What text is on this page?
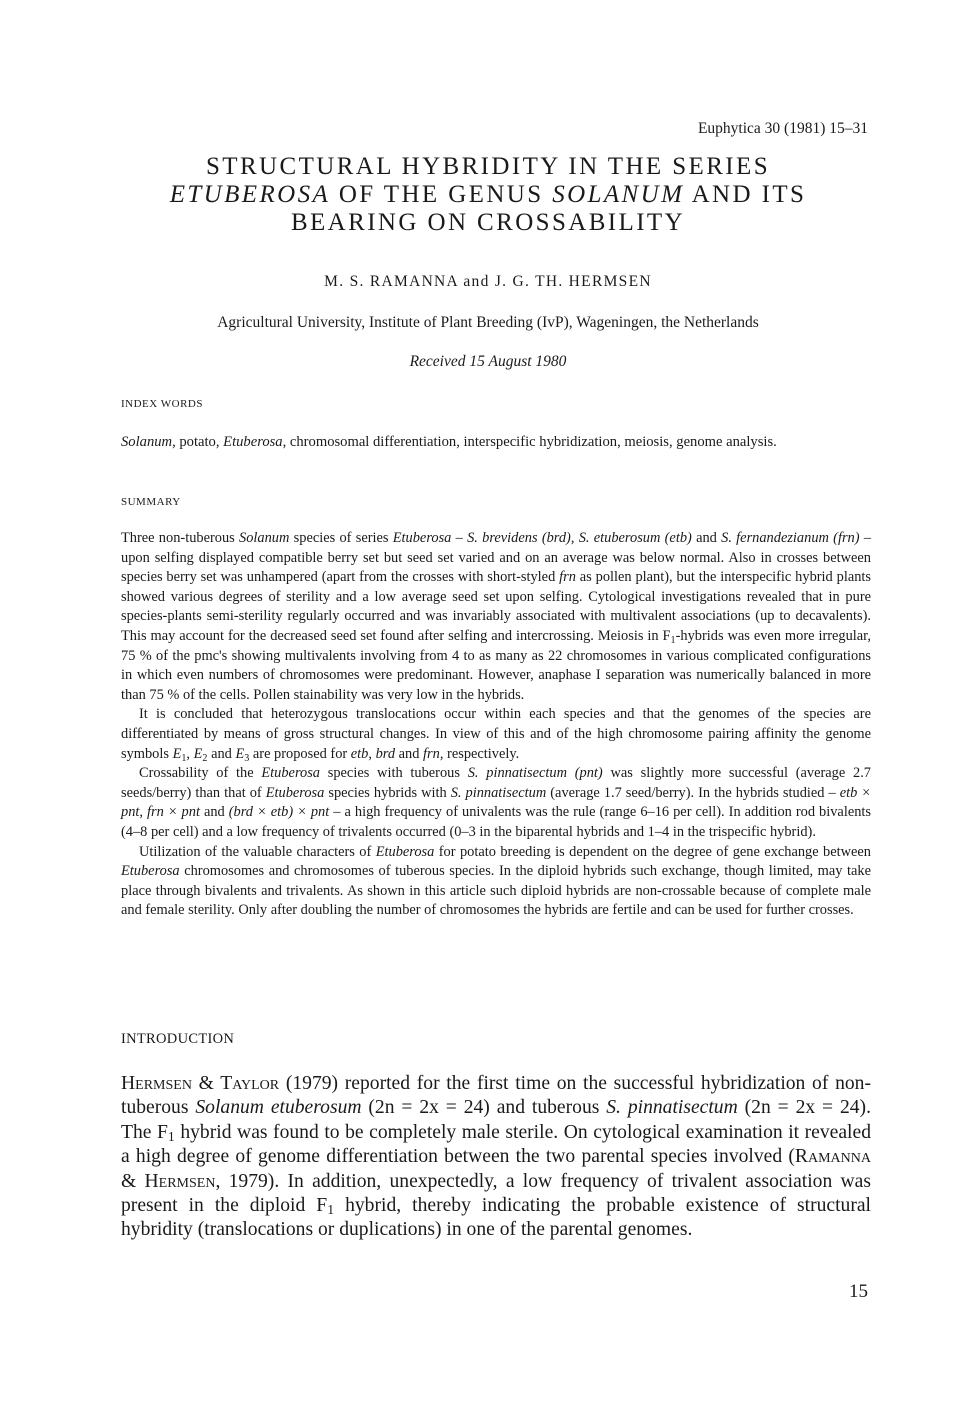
Euphytica 30 (1981) 15–31
STRUCTURAL HYBRIDITY IN THE SERIES
ETUBEROSA OF THE GENUS SOLANUM AND ITS
BEARING ON CROSSABILITY
M. S. RAMANNA and J. G. TH. HERMSEN
Agricultural University, Institute of Plant Breeding (IvP), Wageningen, the Netherlands
Received 15 August 1980
INDEX WORDS
Solanum, potato, Etuberosa, chromosomal differentiation, interspecific hybridization, meiosis, genome analysis.
SUMMARY

Three non-tuberous Solanum species of series Etuberosa – S. brevidens (brd), S. etuberosum (etb) and S. fernandezianum (frn) – upon selfing displayed compatible berry set but seed set varied and on an average was below normal. Also in crosses between species berry set was unhampered (apart from the crosses with short-styled frn as pollen plant), but the interspecific hybrid plants showed various degrees of sterility and a low average seed set upon selfing. Cytological investigations revealed that in pure species-plants semi-sterility regularly occurred and was invariably associated with multivalent associations (up to decavalents). This may account for the decreased seed set found after selfing and intercrossing. Meiosis in $F_1$-hybrids was even more irregular, 75 % of the pmc's showing multivalents involving from 4 to as many as 22 chromosomes in various complicated configurations in which even numbers of chromosomes were predominant. However, anaphase I separation was numerically balanced in more than 75 % of the cells. Pollen stainability was very low in the hybrids.

It is concluded that heterozygous translocations occur within each species and that the genomes of the species are differentiated by means of gross structural changes. In view of this and of the high chromosome pairing affinity the genome symbols $E_1$, $E_2$ and $E_3$ are proposed for etb, brd and frn, respectively.

Crossability of the Etuberosa species with tuberous S. pinnatisectum (pnt) was slightly more successful (average 2.7 seeds/berry) than that of Etuberosa species hybrids with S. pinnatisectum (average 1.7 seed/berry). In the hybrids studied – etb × pnt, frn × pnt and (brd × etb) × pnt – a high frequency of univalents was the rule (range 6–16 per cell). In addition rod bivalents (4–8 per cell) and a low frequency of trivalents occurred (0–3 in the biparental hybrids and 1–4 in the trispecific hybrid).

Utilization of the valuable characters of Etuberosa for potato breeding is dependent on the degree of gene exchange between Etuberosa chromosomes and chromosomes of tuberous species. In the diploid hybrids such exchange, though limited, may take place through bivalents and trivalents. As shown in this article such diploid hybrids are non-crossable because of complete male and female sterility. Only after doubling the number of chromosomes the hybrids are fertile and can be used for further crosses.

INTRODUCTION

Hermsen & Taylor (1979) reported for the first time on the successful hybridization of non-tuberous Solanum etuberosum (2n = 2x = 24) and tuberous S. pinnatisectum (2n = 2x = 24). The $F_1$ hybrid was found to be completely male sterile. On cytological examination it revealed a high degree of genome differentiation between the two parental species involved (Ramanna & Hermsen, 1979). In addition, unexpectedly, a low frequency of trivalent association was present in the diploid $F_1$ hybrid, thereby indicating the probable existence of structural hybridity (translocations or duplications) in one of the parental genomes.

15
